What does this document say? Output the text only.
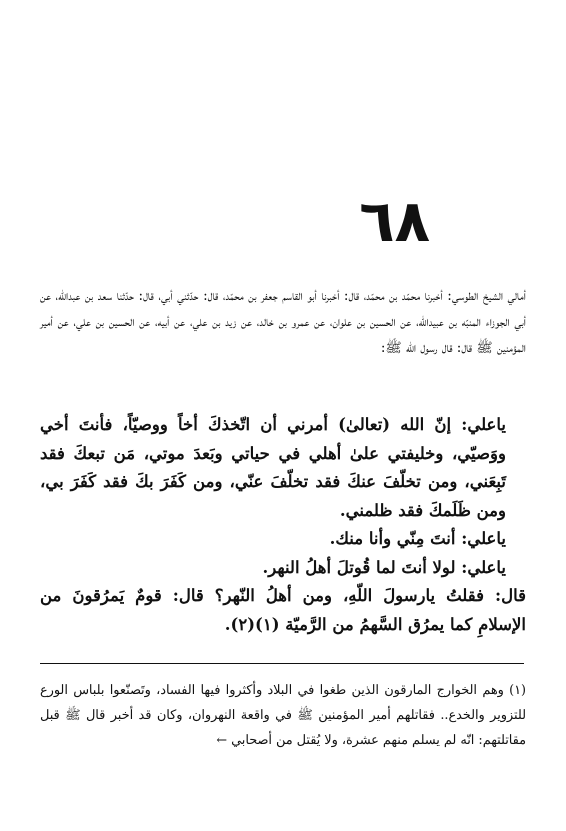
٦٨

أمالي الشيخ الطوسي: أخبرنا محمّد بن محمّد، قال: أخبرنا أبو القاسم جعفر بن محمّد، قال: حدّثني أبي، قال: حدّثنا سعد بن عبدالله، عن أبي الجوزاء المنبّه بن عبيدالله، عن الحسين بن علوان، عن عمرو بن خالد، عن زيد بن علي، عن أبيه، عن الحسين بن علي، عن أمير المؤمنين ﷺ قال: قال رسول الله ﷺ:

ياعلي: إنّ الله (تعالىٰ) أمرني أن اتّخذكَ أخاً ووصيّاً، فأنتَ أخي ووَصيّي، وخليفتي علىٰ أهلي في حياتي وبَعدَ موتي، مَن تبعكَ فقد تَبِعَني، ومن تخلّفَ عنكَ فقد تخلّفَ عنّي، ومن كَفَرَ بكَ فقد كَفَرَ بي، ومن ظَلَمكَ فقد ظلمني.

ياعلي: أنتَ مِنّي وأنا منك.

ياعلي: لولا أنتَ لما قُوتلَ أهلُ النهر.

قال: فقلتُ يارسولَ اللّهِ، ومن أهلُ النّهر؟ قال: قومٌ يَمرُقونَ من الإسلامِ كما يمرُق السَّهمُ من الرَّميّة (١)(٢).

(١) وهم الخوارج المارقون الذين طغوا في البلاد وأكثروا فيها الفساد، وتَصنّعوا بلباس الورع للتزوير والخدع.. فقاتلهم أمير المؤمنين ﷺ في واقعة النهروان، وكان قد أخبر قال ﷺ قبل مقاتلتهم: انّه لم يسلم منهم عشرة، ولا يُقتل من أصحابي ←
